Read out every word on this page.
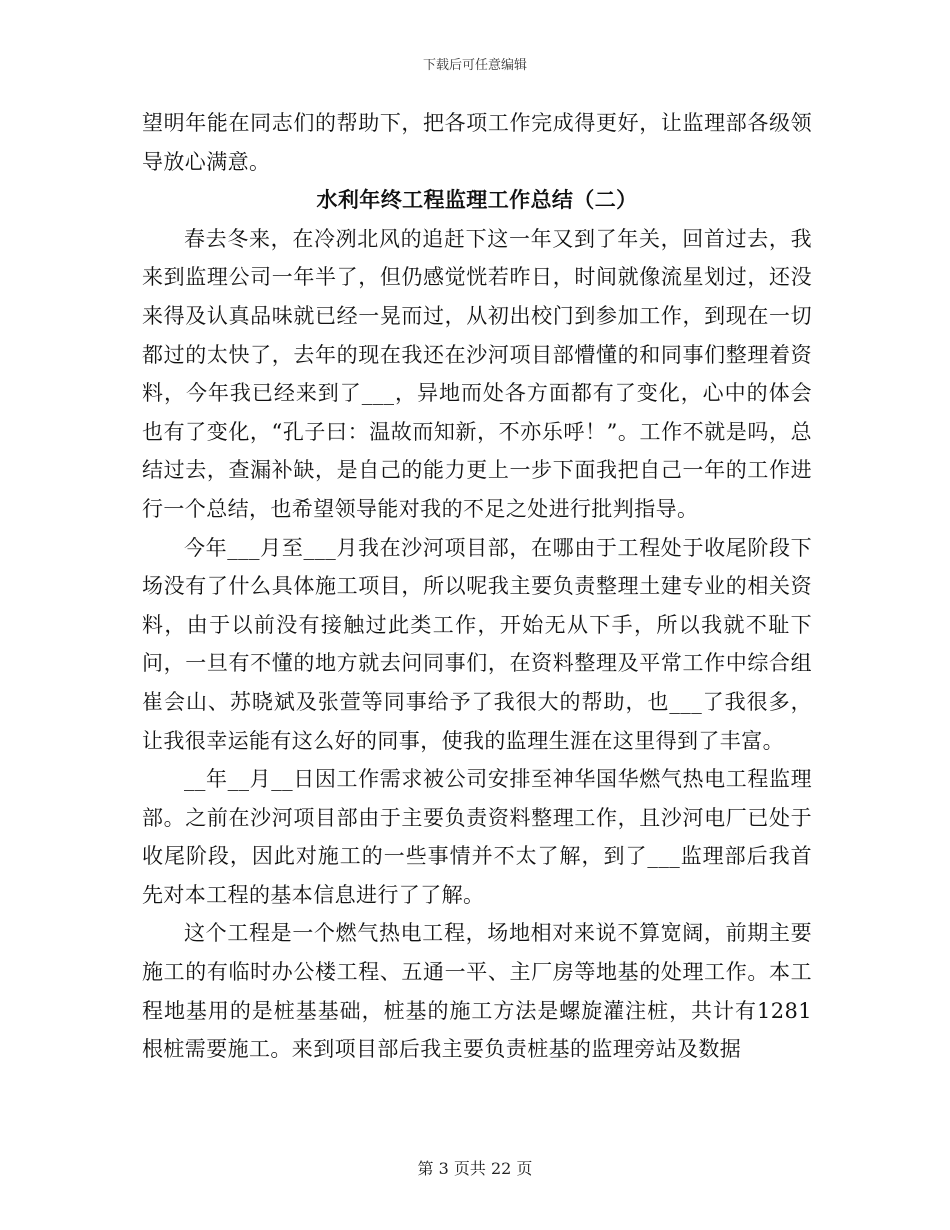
下载后可任意编辑

望明年能在同志们的帮助下，把各项工作完成得更好，让监理部各级领导放心满意。

水利年终工程监理工作总结（二）

春去冬来，在冷冽北风的追赶下这一年又到了年关，回首过去，我来到监理公司一年半了，但仍感觉恍若昨日，时间就像流星划过，还没来得及认真品味就已经一晃而过，从初出校门到参加工作，到现在一切都过的太快了，去年的现在我还在沙河项目部懵懂的和同事们整理着资料，今年我已经来到了___，异地而处各方面都有了变化，心中的体会也有了变化，“孔子曰：温故而知新，不亦乐呼！”。工作不就是吗，总结过去，查漏补缺，是自己的能力更上一步下面我把自己一年的工作进行一个总结，也希望领导能对我的不足之处进行批判指导。

今年___月至___月我在沙河项目部，在哪由于工程处于收尾阶段下场没有了什么具体施工项目，所以呢我主要负责整理土建专业的相关资料，由于以前没有接触过此类工作，开始无从下手，所以我就不耻下问，一旦有不懂的地方就去问同事们，在资料整理及平常工作中综合组崔会山、苏晓斌及张萱等同事给予了我很大的帮助，也___了我很多，让我很幸运能有这么好的同事，使我的监理生涯在这里得到了丰富。

__年__月__日因工作需求被公司安排至神华国华燃气热电工程监理部。之前在沙河项目部由于主要负责资料整理工作，且沙河电厂已处于收尾阶段，因此对施工的一些事情并不太了解，到了___监理部后我首先对本工程的基本信息进行了了解。

这个工程是一个燃气热电工程，场地相对来说不算宽阔，前期主要施工的有临时办公楼工程、五通一平、主厂房等地基的处理工作。本工程地基用的是桩基基础，桩基的施工方法是螺旋灌注桩，共计有1281根桩需要施工。来到项目部后我主要负责桩基的监理旁站及数据

第 3 页共 22 页
